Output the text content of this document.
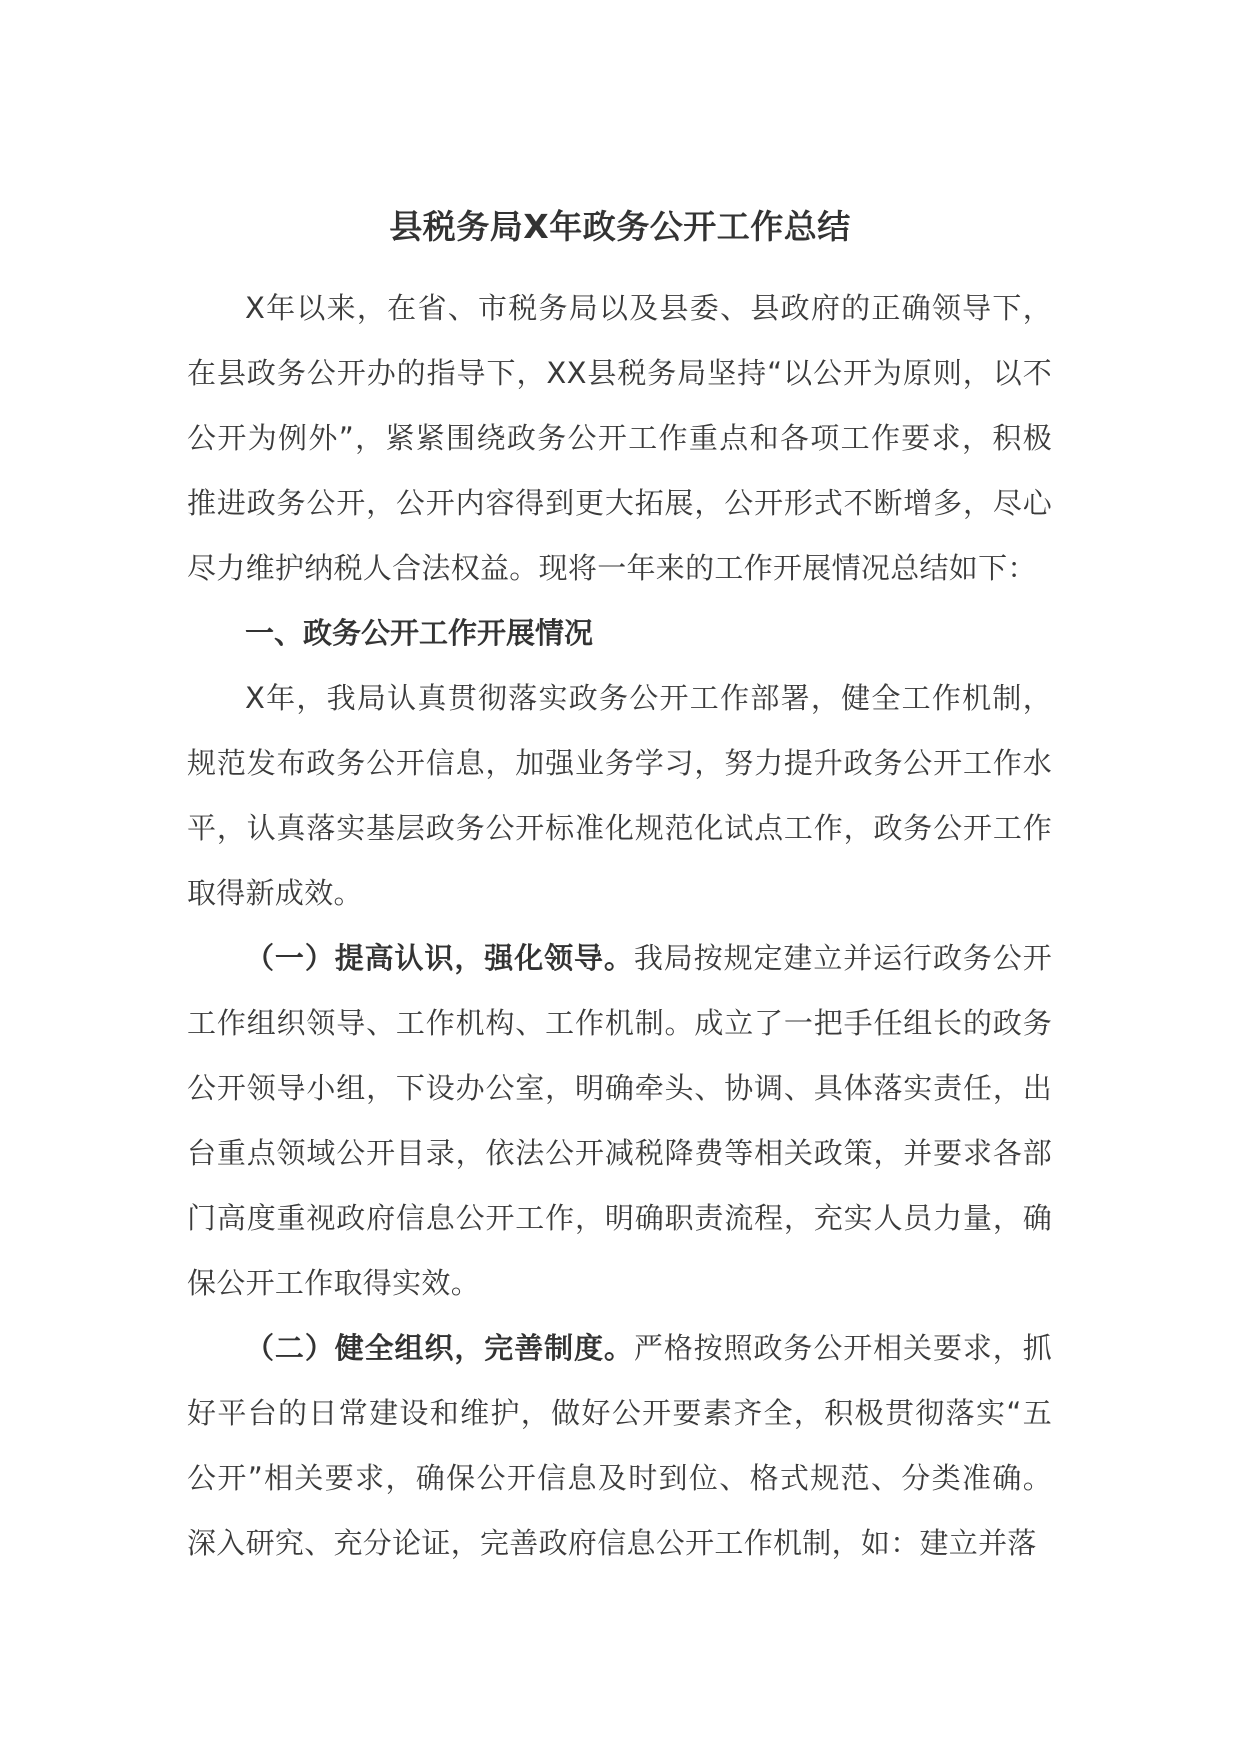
县税务局X年政务公开工作总结

X年以来，在省、市税务局以及县委、县政府的正确领导下，在县政务公开办的指导下，XX县税务局坚持“以公开为原则，以不公开为例外”，紧紧围绕政务公开工作重点和各项工作要求，积极推进政务公开，公开内容得到更大拓展，公开形式不断增多，尽心尽力维护纳税人合法权益。现将一年来的工作开展情况总结如下：

一、政务公开工作开展情况

X年，我局认真贯彻落实政务公开工作部署，健全工作机制，规范发布政务公开信息，加强业务学习，努力提升政务公开工作水平，认真落实基层政务公开标准化规范化试点工作，政务公开工作取得新成效。

（一）提高认识，强化领导。我局按规定建立并运行政务公开工作组织领导、工作机构、工作机制。成立了一把手任组长的政务公开领导小组，下设办公室，明确牵头、协调、具体落实责任，出台重点领域公开目录，依法公开减税降费等相关政策，并要求各部门高度重视政府信息公开工作，明确职责流程，充实人员力量，确保公开工作取得实效。

（二）健全组织，完善制度。严格按照政务公开相关要求，抓好平台的日常建设和维护，做好公开要素齐全，积极贯彻落实“五公开”相关要求，确保公开信息及时到位、格式规范、分类准确。深入研究、充分论证，完善政府信息公开工作机制，如：建立并落
